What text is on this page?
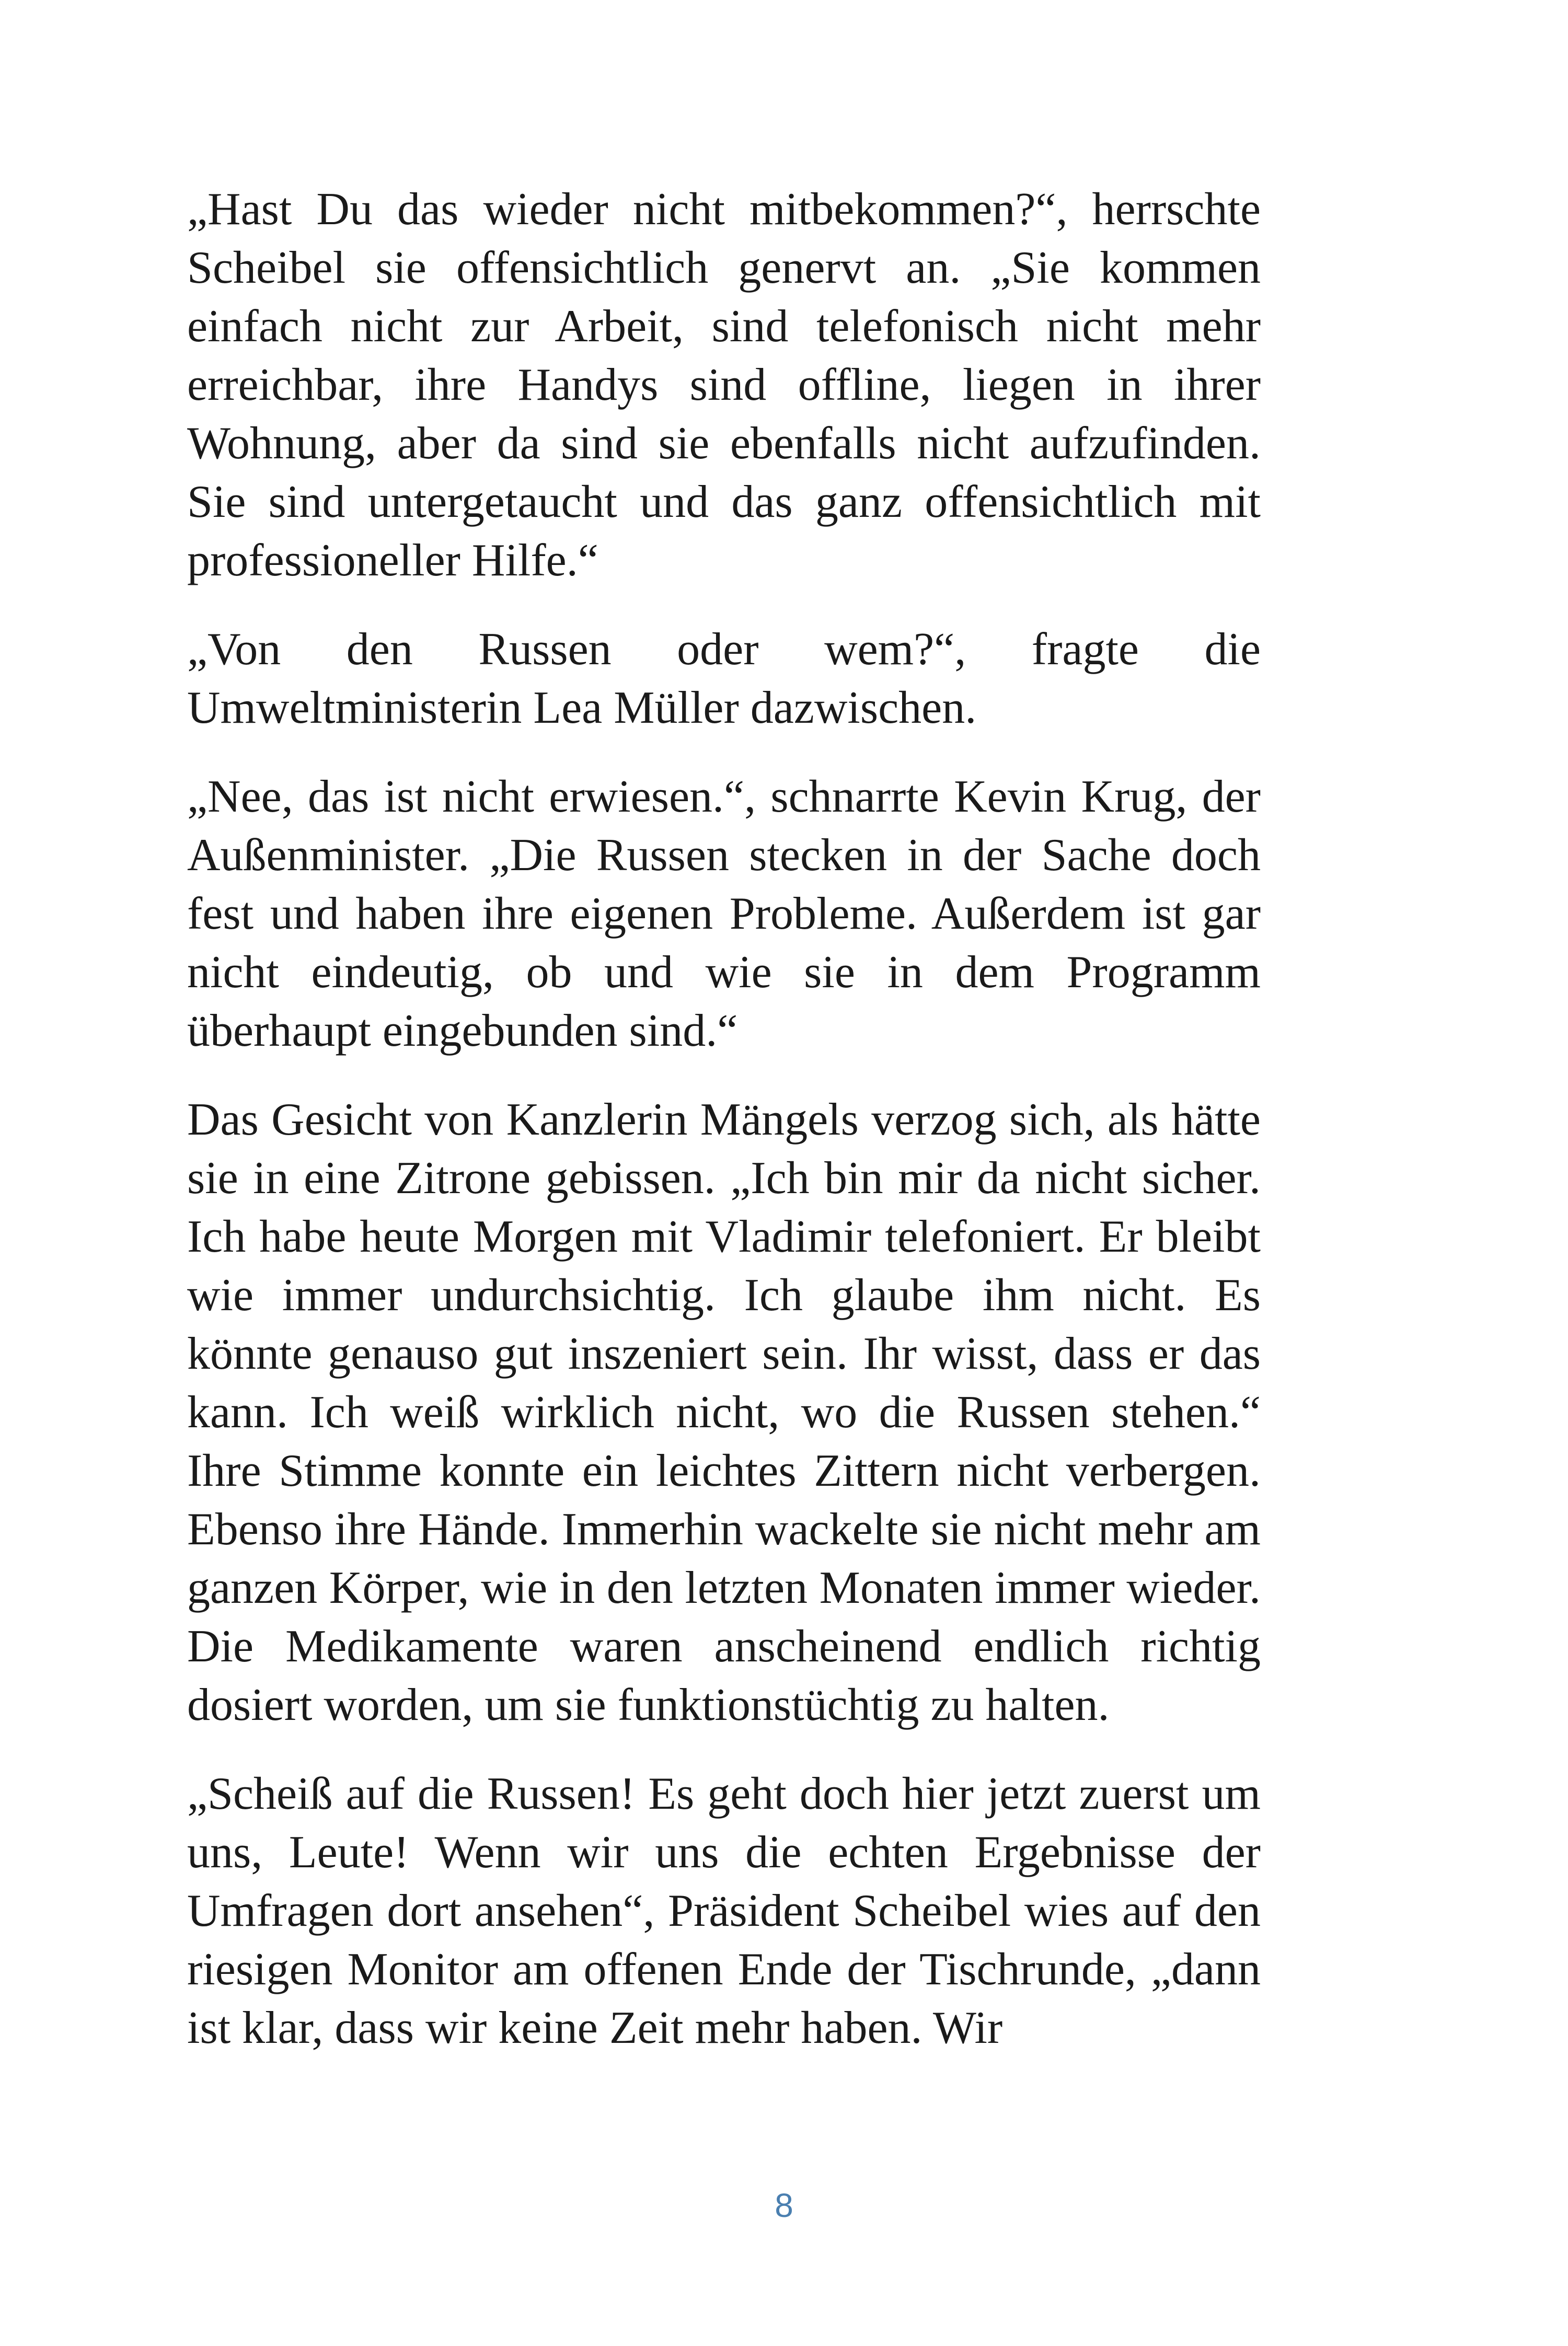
„Hast Du das wieder nicht mitbekommen?“, herrschte Scheibel sie offensichtlich genervt an. „Sie kommen einfach nicht zur Arbeit, sind telefonisch nicht mehr erreichbar, ihre Handys sind offline, liegen in ihrer Wohnung, aber da sind sie ebenfalls nicht aufzufinden. Sie sind untergetaucht und das ganz offensichtlich mit professioneller Hilfe.“

„Von den Russen oder wem?“, fragte die Umweltministerin Lea Müller dazwischen.

„Nee, das ist nicht erwiesen.“, schnarrte Kevin Krug, der Außenminister. „Die Russen stecken in der Sache doch fest und haben ihre eigenen Probleme. Außerdem ist gar nicht eindeutig, ob und wie sie in dem Programm überhaupt eingebunden sind.“

Das Gesicht von Kanzlerin Mängels verzog sich, als hätte sie in eine Zitrone gebissen. „Ich bin mir da nicht sicher. Ich habe heute Morgen mit Vladimir telefoniert. Er bleibt wie immer undurchsichtig. Ich glaube ihm nicht. Es könnte genauso gut inszeniert sein. Ihr wisst, dass er das kann. Ich weiß wirklich nicht, wo die Russen stehen.“ Ihre Stimme konnte ein leichtes Zittern nicht verbergen. Ebenso ihre Hände. Immerhin wackelte sie nicht mehr am ganzen Körper, wie in den letzten Monaten immer wieder. Die Medikamente waren anscheinend endlich richtig dosiert worden, um sie funktionstüchtig zu halten.

„Scheiß auf die Russen! Es geht doch hier jetzt zuerst um uns, Leute! Wenn wir uns die echten Ergebnisse der Umfragen dort ansehen“, Präsident Scheibel wies auf den riesigen Monitor am offenen Ende der Tischrunde, „dann ist klar, dass wir keine Zeit mehr haben. Wir

8
